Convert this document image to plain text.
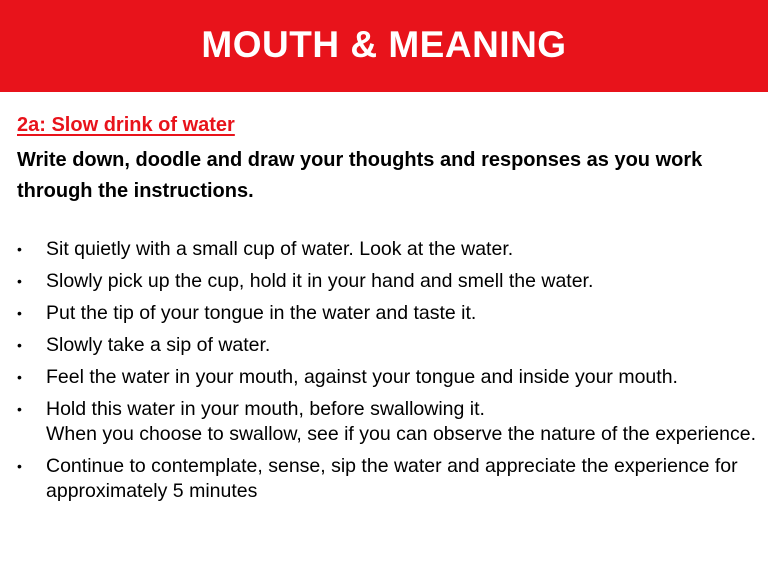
MOUTH & MEANING
2a: Slow drink of water
Write down, doodle and draw your thoughts and responses as you work through the instructions.
• Sit quietly with a small cup of water. Look at the water.
• Slowly pick up the cup, hold it in your hand and smell the water.
• Put the tip of your tongue in the water and taste it.
• Slowly take a sip of water.
• Feel the water in your mouth, against your tongue and inside your mouth.
• Hold this water in your mouth, before swallowing it.
When you choose to swallow, see if you can observe the nature of the experience.
• Continue to contemplate, sense, sip the water and appreciate the experience for approximately 5 minutes
